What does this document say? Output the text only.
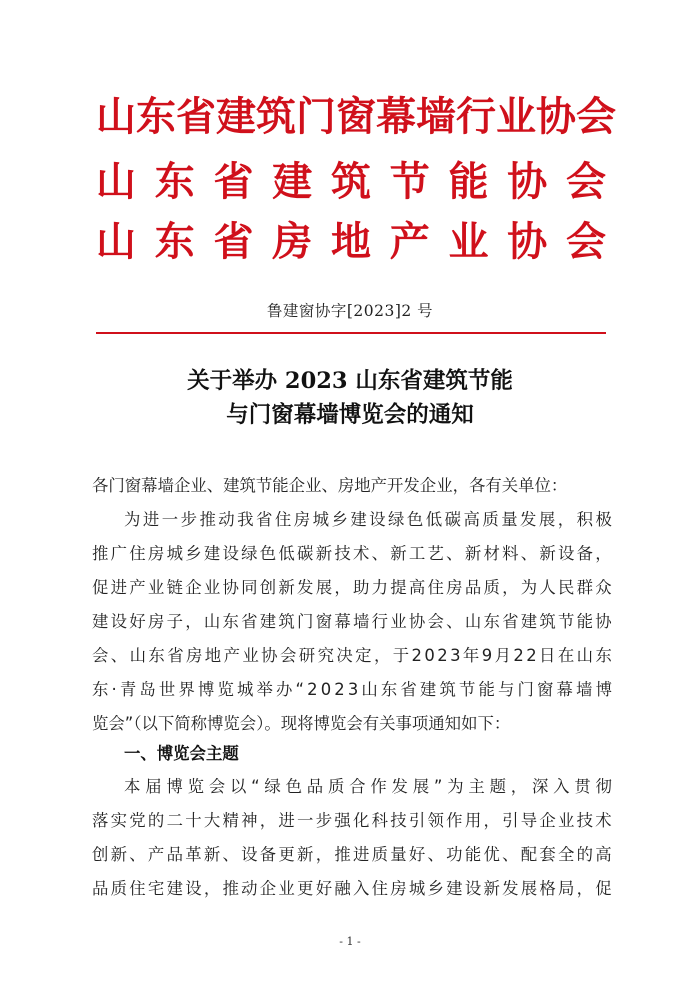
山 东 省 建 筑 门 窗 幕 墙 行 业 协 会
山 东 省 建 筑 节 能 协 会
山 东 省 房 地 产 业 协 会
鲁建窗协字[2023]2 号
关于举办 2023 山东省建筑节能
与门窗幕墙博览会的通知
各门窗幕墙企业、建筑节能企业、房地产开发企业，各有关单位：
为 进 一 步 推 动 我 省 住 房 城 乡 建 设 绿 色 低 碳 高 质 量 发 展 ， 积 极
推 广 住 房 城 乡 建 设 绿 色 低 碳 新 技 术 、 新 工 艺 、 新 材 料 、 新 设 备 ，
促 进 产 业 链 企 业 协 同 创 新 发 展 ， 助 力 提 高 住 房 品 质 ， 为 人 民 群 众
建 设 好 房 子 ， 山 东 省 建 筑 门 窗 幕 墙 行 业 协 会 、 山 东 省 建 筑 节 能 协
会 、 山 东 省 房 地 产 业 协 会 研 究 决 定 ， 于 2 0 2 3 年 9 月 2 2 日 在 山 东
东 · 青 岛 世 界 博 览 城 举 办 “ 2 0 2 3 山 东 省 建 筑 节 能 与 门 窗 幕 墙 博
览会”（以下简称博览会）。现将博览会有关事项通知如下：
一、博览会主题
本 届 博 览 会 以 “ 绿 色 品 质 合 作 发 展 ” 为 主 题 ， 深 入 贯 彻
落 实 党 的 二 十 大 精 神 ， 进 一 步 强 化 科 技 引 领 作 用 ， 引 导 企 业 技 术
创 新 、 产 品 革 新 、 设 备 更 新 ， 推 进 质 量 好 、 功 能 优 、 配 套 全 的 高
品 质 住 宅 建 设 ， 推 动 企 业 更 好 融 入 住 房 城 乡 建 设 新 发 展 格 局 ， 促
- 1 -
